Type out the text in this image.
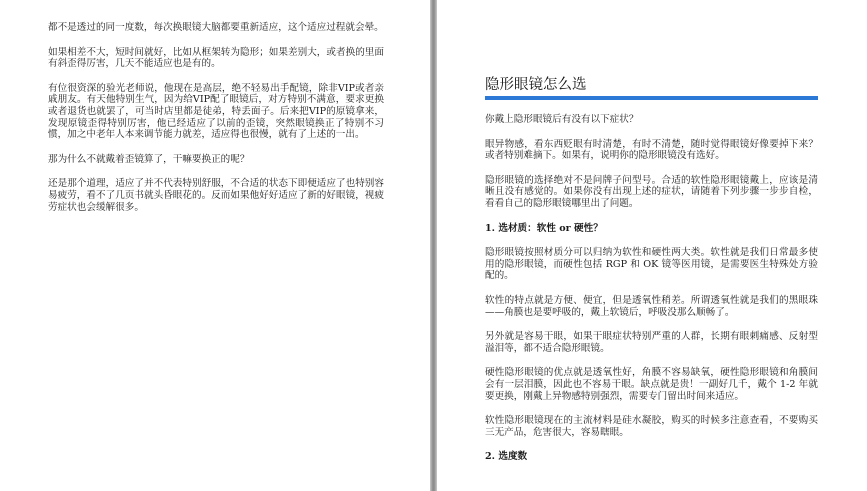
都不是透过的同一度数，每次换眼镜大脑都要重新适应，这个适应过程就会晕。

如果相差不大，短时间就好，比如从框架转为隐形；如果差别大，或者换的里面有斜歪得厉害，几天不能适应也是有的。

有位很资深的验光老师说，他现在是高层，绝不轻易出手配镜，除非VIP或者亲戚朋友。有天他特别生气，因为给VIP配了眼镜后，对方特别不满意，要求更换或者退货也就罢了，可当时店里都是徒弟，特丢面子。后来把VIP的原镜拿来，发现原镜歪得特别厉害，他已经适应了以前的歪镜，突然眼镜换正了特别不习惯，加之中老年人本来调节能力就差，适应得也很慢，就有了上述的一出。

那为什么不就戴着歪镜算了，干嘛要换正的呢？

还是那个道理，适应了并不代表特别舒服，不合适的状态下即便适应了也特别容易疲劳，看不了几页书就头昏眼花的。反而如果他好好适应了新的好眼镜，视疲劳症状也会缓解很多。

隐形眼镜怎么选

你戴上隐形眼镜后有没有以下症状？

眼异物感，看东西贬眼有时清楚，有时不清楚，随时觉得眼镜好像要掉下来？或者特别难摘下。如果有，说明你的隐形眼镜没有选好。

隐形眼镜的选择绝对不是问牌子问型号。合适的软性隐形眼镜戴上，应该是清晰且没有感觉的。如果你没有出现上述的症状，请随着下列步骤一步步自检，看看自己的隐形眼镜哪里出了问题。

1. 选材质：软性 or 硬性？

隐形眼镜按照材质分可以归纳为软性和硬性两大类。软性就是我们日常最多使用的隐形眼镜，而硬性包括 RGP 和 OK 镜等医用镜，是需要医生特殊处方验配的。

软性的特点就是方便、便宜，但是透氧性稍差。所谓透氧性就是我们的黑眼珠——角膜也是要呼吸的，戴上软镜后，呼吸没那么顺畅了。

另外就是容易干眼，如果干眼症状特别严重的人群，长期有眼刺痛感、反射型溢泪等，都不适合隐形眼镜。

硬性隐形眼镜的优点就是透氧性好，角膜不容易缺氧，硬性隐形眼镜和角膜间会有一层泪膜，因此也不容易干眼。缺点就是贵！一副好几千，戴个 1-2 年就要更换，刚戴上异物感特别强烈，需要专门留出时间来适应。

软性隐形眼镜现在的主流材料是硅水凝胶，购买的时候多注意查看，不要购买三无产品，危害很大，容易瞎眼。

2. 选度数
